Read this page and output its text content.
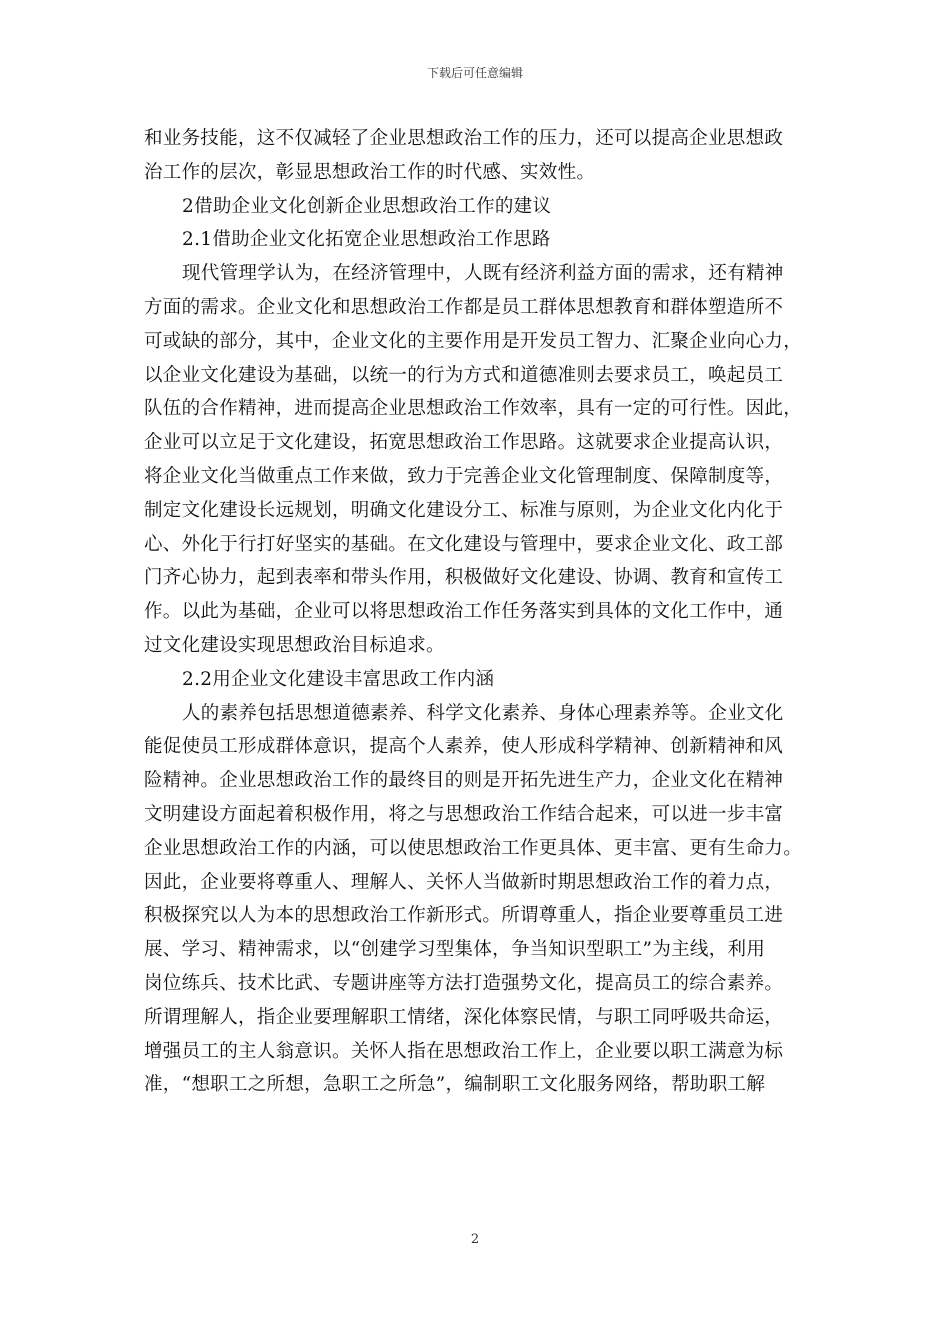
下载后可任意编辑
和业务技能，这不仅减轻了企业思想政治工作的压力，还可以提高企业思想政
治工作的层次，彰显思想政治工作的时代感、实效性。
2借助企业文化创新企业思想政治工作的建议
2.1借助企业文化拓宽企业思想政治工作思路
现代管理学认为，在经济管理中，人既有经济利益方面的需求，还有精神
方面的需求。企业文化和思想政治工作都是员工群体思想教育和群体塑造所不
可或缺的部分，其中，企业文化的主要作用是开发员工智力、汇聚企业向心力，
以企业文化建设为基础，以统一的行为方式和道德准则去要求员工，唤起员工
队伍的合作精神，进而提高企业思想政治工作效率，具有一定的可行性。因此，
企业可以立足于文化建设，拓宽思想政治工作思路。这就要求企业提高认识，
将企业文化当做重点工作来做，致力于完善企业文化管理制度、保障制度等，
制定文化建设长远规划，明确文化建设分工、标准与原则，为企业文化内化于
心、外化于行打好坚实的基础。在文化建设与管理中，要求企业文化、政工部
门齐心协力，起到表率和带头作用，积极做好文化建设、协调、教育和宣传工
作。以此为基础，企业可以将思想政治工作任务落实到具体的文化工作中，通
过文化建设实现思想政治目标追求。
2.2用企业文化建设丰富思政工作内涵
人的素养包括思想道德素养、科学文化素养、身体心理素养等。企业文化
能促使员工形成群体意识，提高个人素养，使人形成科学精神、创新精神和风
险精神。企业思想政治工作的最终目的则是开拓先进生产力，企业文化在精神
文明建设方面起着积极作用，将之与思想政治工作结合起来，可以进一步丰富
企业思想政治工作的内涵，可以使思想政治工作更具体、更丰富、更有生命力。
因此，企业要将尊重人、理解人、关怀人当做新时期思想政治工作的着力点，
积极探究以人为本的思想政治工作新形式。所谓尊重人，指企业要尊重员工进
展、学习、精神需求，以“创建学习型集体，争当知识型职工”为主线，利用
岗位练兵、技术比武、专题讲座等方法打造强势文化，提高员工的综合素养。
所谓理解人，指企业要理解职工情绪，深化体察民情，与职工同呼吸共命运，
增强员工的主人翁意识。关怀人指在思想政治工作上，企业要以职工满意为标
准，“想职工之所想，急职工之所急”，编制职工文化服务网络，帮助职工解
2
